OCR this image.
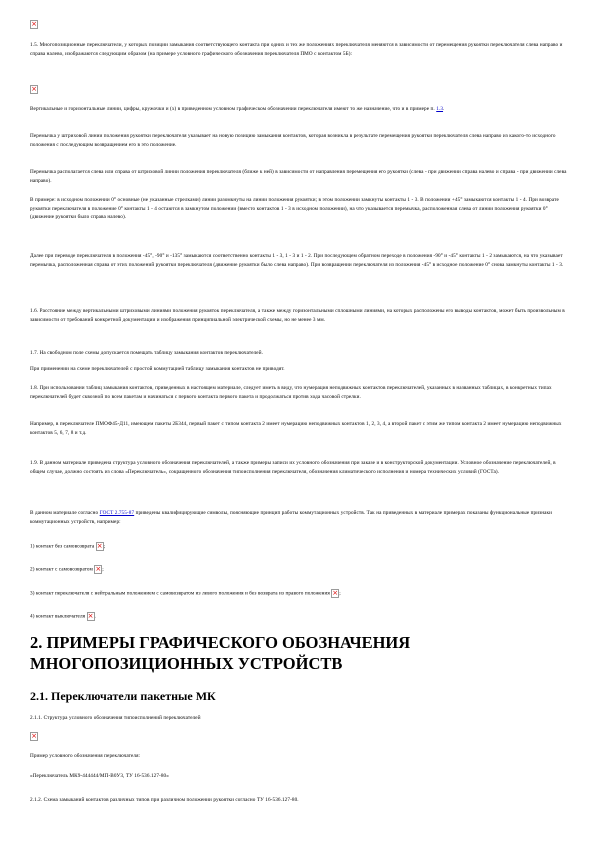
×

1.5. Многопозиционные переключатели, у которых позиции замыкания соответствующего контакта при одних и тех же положениях переключателя меняются в зависимости от перемещения рукоятки переключателя слева направо и справа налево, изображаются следующим образом (на примере условного графического обозначения переключателя ПМО с контактом 5Б):

×

Вертикальные и горизонтальные линии, цифры, кружочки и (х) в приведенном условном графическом обозначении переключателя имеют то же назначение, что и в примере п. 1.3.

Перемычка у штриховой линии положения рукоятки переключателя указывает на новую позицию замыкания контактов, которая возникла в результате перемещения рукоятки переключателя слева направо из какого-то исходного положения с последующим возвращением его в это положение.

Перемычка располагается слева или справа от штриховой линии положения переключателя (ближе к ней) в зависимости от направления перемещения его рукоятки (слева - при движении справа налево и справа - при движении слева направо).

В примере: в исходном положении 0° основные (не указанные стрелками) линии разомкнуты на линии положения рукоятки; в этом положении замкнуты контакты 1 - 3. В положении +45° замыкаются контакты 1 - 4. При возврате рукоятки переключателя в положение 0° контакты 1 - 4 остаются в замкнутом положении (вместо контактов 1 - 3 в исходном положении), на что указывается перемычка, расположенная слева от линии положения рукоятки 0° (движение рукоятки было справа налево).

Далее при переводе переключателя в положения -45°, -90° и -135° замыкаются соответственно контакты 1 - 3, 1 - 3 и 1 - 2. При последующем обратном переходе в положения -90° и -45° контакты 1 - 2 замыкаются, на что указывает перемычка, расположенная справа от этих положений рукоятки переключателя (движение рукоятки было слева направо). При возвращении переключателя из положения -45° в исходное положение 0° снова замкнуты контакты 1 - 3.

1.6. Расстояние между вертикальными штриховыми линиями положения рукояток переключателя, а также между горизонтальными сплошными линиями, на которых расположены его выводы контактов, может быть произвольным в зависимости от требований конкретной документации и изображения принципиальной электрической схемы, но не менее 3 мм.

1.7. На свободном поле схемы допускается помещать таблицу замыкания контактов переключателей.

При применении на схеме переключателей с простой коммутацией таблицу замыкания контактов не приводят.

1.8. При использовании таблиц замыкания контактов, приведенных в настоящем материале, следует иметь в виду, что нумерация неподвижных контактов переключателей, указанных в названных таблицах, в конкретных типах переключателей будет сквозной по всем пакетам и начинаться с первого контакта первого пакета и продолжаться против хода часовой стрелки.

Например, в переключателе ПМОФ45-Д11, имеющем пакеты 2Б344, первый пакет с типом контакта 2 имеет нумерацию неподвижных контактов 1, 2, 3, 4, а второй пакет с этим же типом контакта 2 имеет нумерацию неподвижных контактов 5, 6, 7, 8 и т.д.

1.9. В данном материале приведена структура условного обозначения переключателей, а также примеры записи их условного обозначения при заказе и в конструкторской документации. Условное обозначение переключателей, в общем случае, должно состоять из слова «Переключатель», сокращенного обозначения типоисполнения переключателя, обозначения климатического исполнения и номера технических условий (ГОСТа).

В данном материале согласно ГОСТ 2.755-87 приведены квалифицирующие символы, поясняющие принцип работы коммутационных устройств. Так на приведенных в материале примерах показаны функциональные признаки коммутационных устройств, например:

1) контакт без самовозврата × ;

2) контакт с самовозвратом × ;

3) контакт переключателя с нейтральным положением с самовозвратом из левого положения и без возврата из правого положения × ;

4) контакт выключателя × .

2. ПРИМЕРЫ ГРАФИЧЕСКОГО ОБОЗНАЧЕНИЯ МНОГОПОЗИЦИОННЫХ УСТРОЙСТВ
2.1. Переключатели пакетные МК

2.1.1. Структура условного обозначения типоисполнений переключателей

×

Пример условного обозначения переключателя:

«Переключатель МК9-444444/МП-В0У3, ТУ 16-536.127-80»

2.1.2. Схема замыканий контактов различных типов при различном положении рукоятки согласно ТУ 16-536.127-80.
